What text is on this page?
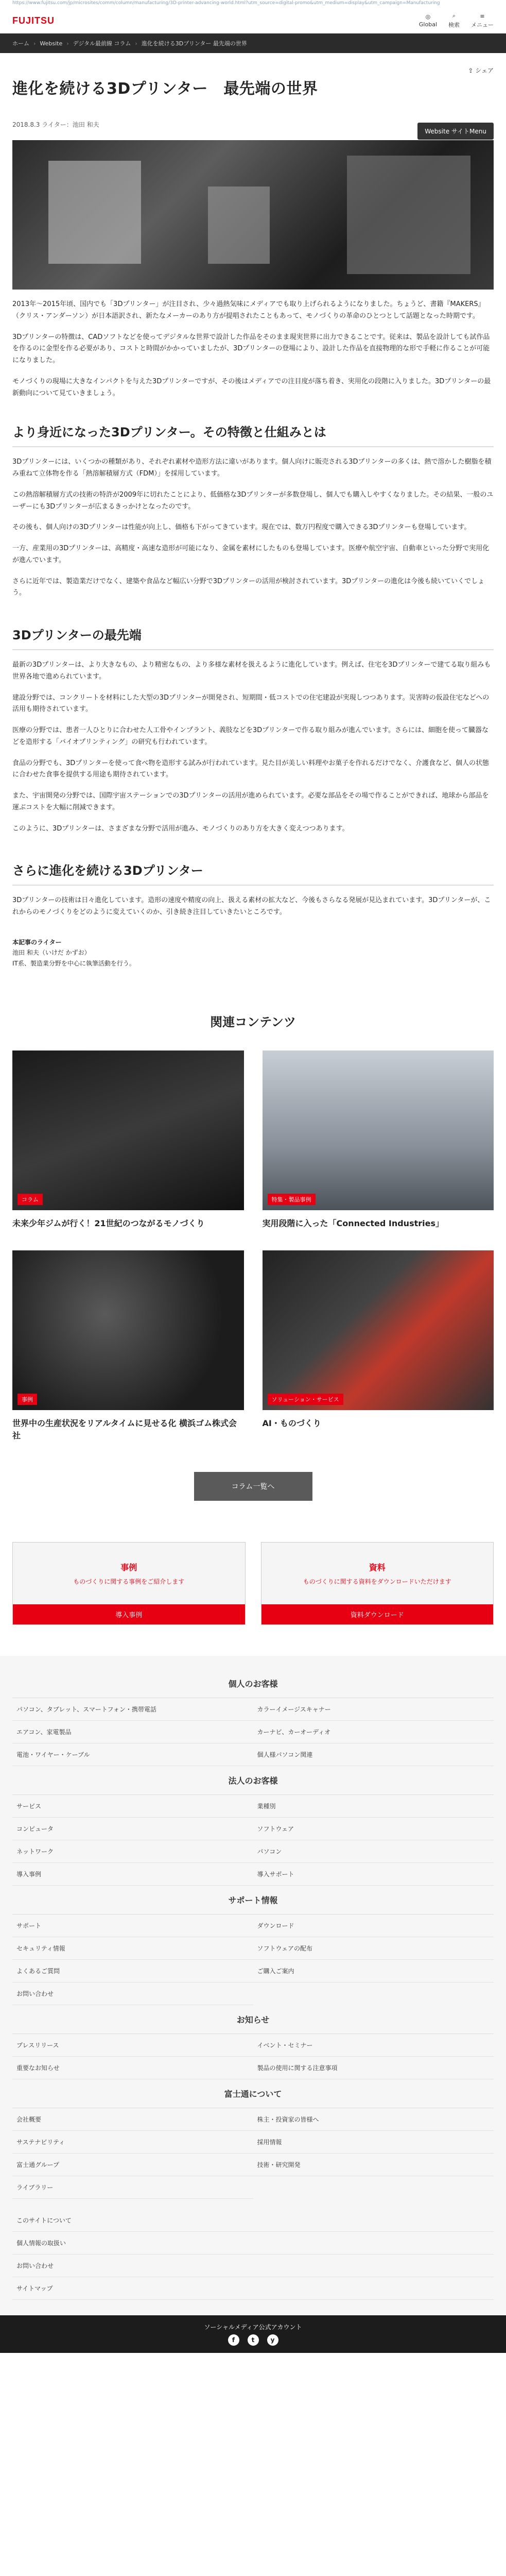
https://www.fujitsu.com/jp/microsites/comm/column/manufacturing/3D-printer-advancing-world.html?utm_source=digital-promo&utm_medium=display&utm_campaign=Manufacturing
FUJITSU	◎
Global
⌕
検索
≡
メニュー
ホーム › Website › デジタル最前線 コラム › 進化を続ける3Dプリンター 最先端の世界
⇪ シェア
進化を続ける3Dプリンター　最先端の世界
Website サイトMenu
2018.8.3 ライター：池田 和夫

2013年〜2015年頃、国内でも「3Dプリンター」が注目され、少々過熱気味にメディアでも取り上げられるようになりました。ちょうど、書籍『MAKERS』（クリス・アンダーソン）が日本語訳され、新たなメーカーのあり方が提唱されたこともあって、モノづくりの革命のひとつとして話題となった時期です。

3Dプリンターの特徴は、CADソフトなどを使ってデジタルな世界で設計した作品をそのまま現実世界に出力できることです。従来は、製品を設計しても試作品を作るのに金型を作る必要があり、コストと時間がかかっていましたが、3Dプリンターの登場により、設計した作品を直接物理的な形で手軽に作ることが可能になりました。

モノづくりの現場に大きなインパクトを与えた3Dプリンターですが、その後はメディアでの注目度が落ち着き、実用化の段階に入りました。3Dプリンターの最新動向について見ていきましょう。

より身近になった3Dプリンター。その特徴と仕組みとは

3Dプリンターには、いくつかの種類があり、それぞれ素材や造形方法に違いがあります。個人向けに販売される3Dプリンターの多くは、熱で溶かした樹脂を積み重ねて立体物を作る「熱溶解積層方式（FDM）」を採用しています。

この熱溶解積層方式の技術の特許が2009年に切れたことにより、低価格な3Dプリンターが多数登場し、個人でも購入しやすくなりました。その結果、一般のユーザーにも3Dプリンターが広まるきっかけとなったのです。

その後も、個人向けの3Dプリンターは性能が向上し、価格も下がってきています。現在では、数万円程度で購入できる3Dプリンターも登場しています。

一方、産業用の3Dプリンターは、高精度・高速な造形が可能になり、金属を素材にしたものも登場しています。医療や航空宇宙、自動車といった分野で実用化が進んでいます。

さらに近年では、製造業だけでなく、建築や食品など幅広い分野で3Dプリンターの活用が検討されています。3Dプリンターの進化は今後も続いていくでしょう。

3Dプリンターの最先端

最新の3Dプリンターは、より大きなもの、より精密なもの、より多様な素材を扱えるように進化しています。例えば、住宅を3Dプリンターで建てる取り組みも世界各地で進められています。

建設分野では、コンクリートを材料にした大型の3Dプリンターが開発され、短期間・低コストでの住宅建設が実現しつつあります。災害時の仮設住宅などへの活用も期待されています。

医療の分野では、患者一人ひとりに合わせた人工骨やインプラント、義肢などを3Dプリンターで作る取り組みが進んでいます。さらには、細胞を使って臓器などを造形する「バイオプリンティング」の研究も行われています。

食品の分野でも、3Dプリンターを使って食べ物を造形する試みが行われています。見た目が美しい料理やお菓子を作れるだけでなく、介護食など、個人の状態に合わせた食事を提供する用途も期待されています。

また、宇宙開発の分野では、国際宇宙ステーションでの3Dプリンターの活用が進められています。必要な部品をその場で作ることができれば、地球から部品を運ぶコストを大幅に削減できます。

このように、3Dプリンターは、さまざまな分野で活用が進み、モノづくりのあり方を大きく変えつつあります。

さらに進化を続ける3Dプリンター

3Dプリンターの技術は日々進化しています。造形の速度や精度の向上、扱える素材の拡大など、今後もさらなる発展が見込まれています。3Dプリンターが、これからのモノづくりをどのように変えていくのか、引き続き注目していきたいところです。

本記事のライター
池田 和夫（いけだ かずお）
IT系、製造業分野を中心に執筆活動を行う。
関連コンテンツ
コラム
未来少年ジムが行く！21世紀のつながるモノづくり
特集・製品事例
実用段階に入った「Connected Industries」
事例
世界中の生産状況をリアルタイムに見せる化 横浜ゴム株式会社
ソリューション・サービス
AI・ものづくり
コラム一覧へ
事例
ものづくりに関する事例をご紹介します
導入事例
資料
ものづくりに関する資料をダウンロードいただけます
資料ダウンロード
個人のお客様
パソコン、タブレット、スマートフォン・携帯電話	カラーイメージスキャナー
エアコン、家電製品	カーナビ、カーオーディオ
電池・ワイヤー・ケーブル	個人様パソコン関連
法人のお客様
サービス	業種別
コンピュータ	ソフトウェア
ネットワーク	パソコン
導入事例	導入サポート
サポート情報
サポート	ダウンロード
セキュリティ情報	ソフトウェアの配布
よくあるご質問	ご購入ご案内
お問い合わせ
お知らせ
プレスリリース	イベント・セミナー
重要なお知らせ	製品の使用に関する注意事項
富士通について
会社概要	株主・投資家の皆様へ
サステナビリティ	採用情報
富士通グループ	技術・研究開発
ライブラリー
このサイトについて
個人情報の取扱い
お問い合わせ
サイトマップ
ソーシャルメディア公式アカウント
f	t	y
